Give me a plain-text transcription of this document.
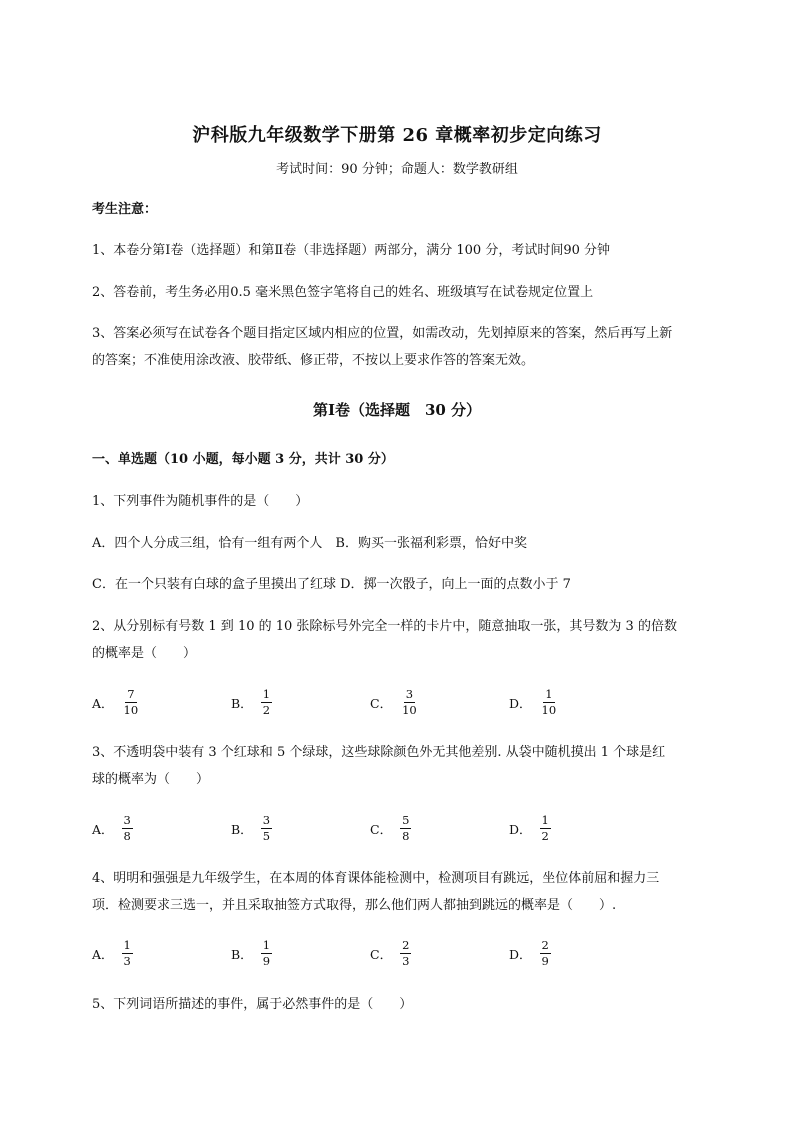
沪科版九年级数学下册第 26 章概率初步定向练习
考试时间：90 分钟；命题人：数学教研组
考生注意：
1、本卷分第Ⅰ卷（选择题）和第Ⅱ卷（非选择题）两部分，满分 100 分，考试时间90 分钟
2、答卷前，考生务必用0.5 毫米黑色签字笔将自己的姓名、班级填写在试卷规定位置上
3、答案必须写在试卷各个题目指定区域内相应的位置，如需改动，先划掉原来的答案，然后再写上新
的答案；不准使用涂改液、胶带纸、修正带，不按以上要求作答的答案无效。
第Ⅰ卷（选择题　30 分）
一、单选题（10 小题，每小题 3 分，共计 30 分）
1、下列事件为随机事件的是（　　）
A．四个人分成三组，恰有一组有两个人　B．购买一张福利彩票，恰好中奖
C．在一个只装有白球的盒子里摸出了红球 D．掷一次骰子，向上一面的点数小于 7
2、从分别标有号数 1 到 10 的 10 张除标号外完全一样的卡片中，随意抽取一张，其号数为 3 的倍数
的概率是（　　）
A． $\frac{7}{10}$	B． $\frac{1}{2}$	C． $\frac{3}{10}$	D． $\frac{1}{10}$
3、不透明袋中装有 3 个红球和 5 个绿球，这些球除颜色外无其他差别. 从袋中随机摸出 1 个球是红
球的概率为（　　）
A． $\frac{3}{8}$	B． $\frac{3}{5}$	C． $\frac{5}{8}$	D． $\frac{1}{2}$
4、明明和强强是九年级学生，在本周的体育课体能检测中，检测项目有跳远，坐位体前屈和握力三
项．检测要求三选一，并且采取抽签方式取得，那么他们两人都抽到跳远的概率是（　　）.
A． $\frac{1}{3}$	B． $\frac{1}{9}$	C． $\frac{2}{3}$	D． $\frac{2}{9}$
5、下列词语所描述的事件，属于必然事件的是（　　）
